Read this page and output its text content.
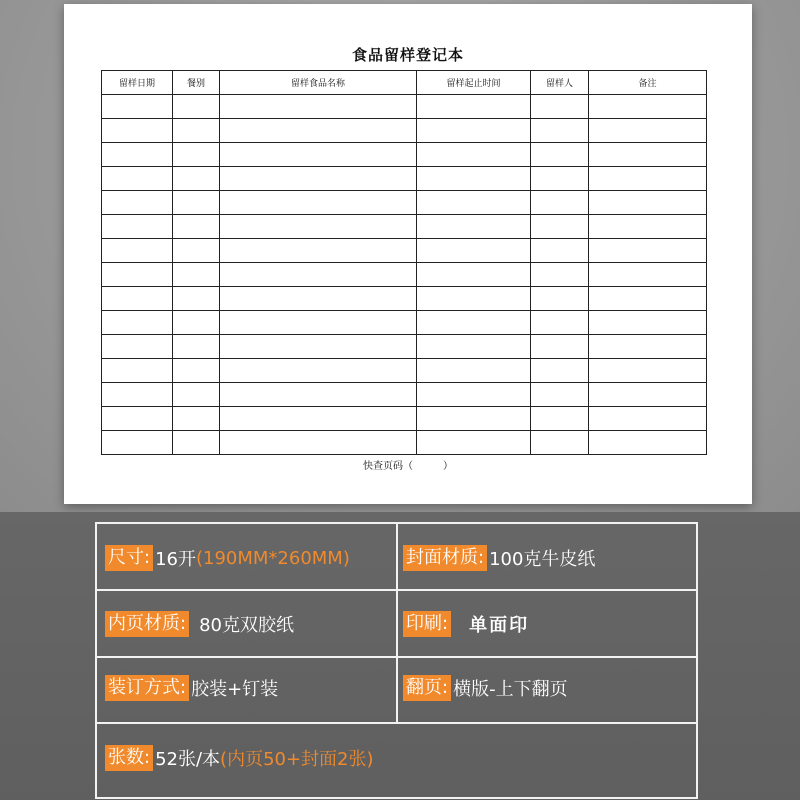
食品留样登记本
留样日期	餐别	留样食品名称	留样起止时间	留样人	备注

快查页码（　　　）
尺寸: 16开 (190MM*260MM)	封面材质: 100克牛皮纸
内页材质: 80克双胶纸	印刷: 单面印
装订方式: 胶装+钉装	翻页: 横版-上下翻页
张数: 52张/本 (内页50+封面2张)
